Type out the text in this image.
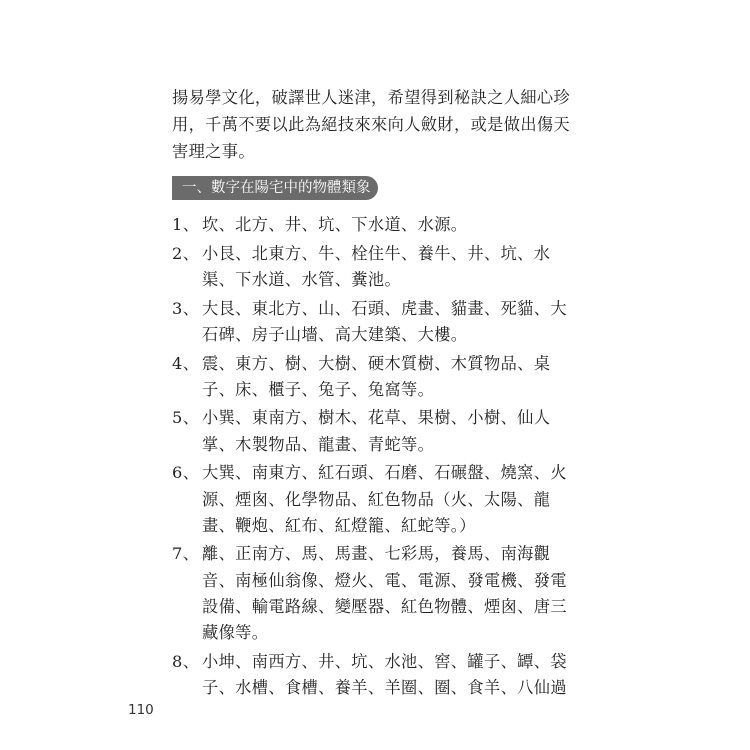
揚易學文化，破譯世人迷津，希望得到秘訣之人細心珍

用，千萬不要以此為絕技來來向人斂財，或是做出傷天

害理之事。

一、數字在陽宅中的物體類象
1、 坎、北方、井、坑、下水道、水源。
2、 小艮、北東方、牛、栓住牛、養牛、井、坑、水
渠、下水道、水管、糞池。
3、 大艮、東北方、山、石頭、虎畫、貓畫、死貓、大
石碑、房子山墻、高大建築、大樓。
4、 震、東方、樹、大樹、硬木質樹、木質物品、桌
子、床、櫃子、兔子、兔窩等。
5、 小巽、東南方、樹木、花草、果樹、小樹、仙人
掌、木製物品、龍畫、青蛇等。
6、 大巽、南東方、紅石頭、石磨、石碾盤、燒窯、火
源、煙囪、化學物品、紅色物品（火、太陽、龍
畫、鞭炮、紅布、紅燈籠、紅蛇等。）
7、 離、正南方、馬、馬畫、七彩馬，養馬、南海觀
音、南極仙翁像、燈火、電、電源、發電機、發電
設備、輸電路線、變壓器、紅色物體、煙囪、唐三
藏像等。
8、 小坤、南西方、井、坑、水池、窖、罐子、罈、袋
子、水槽、食槽、養羊、羊圈、圈、食羊、八仙過
110
